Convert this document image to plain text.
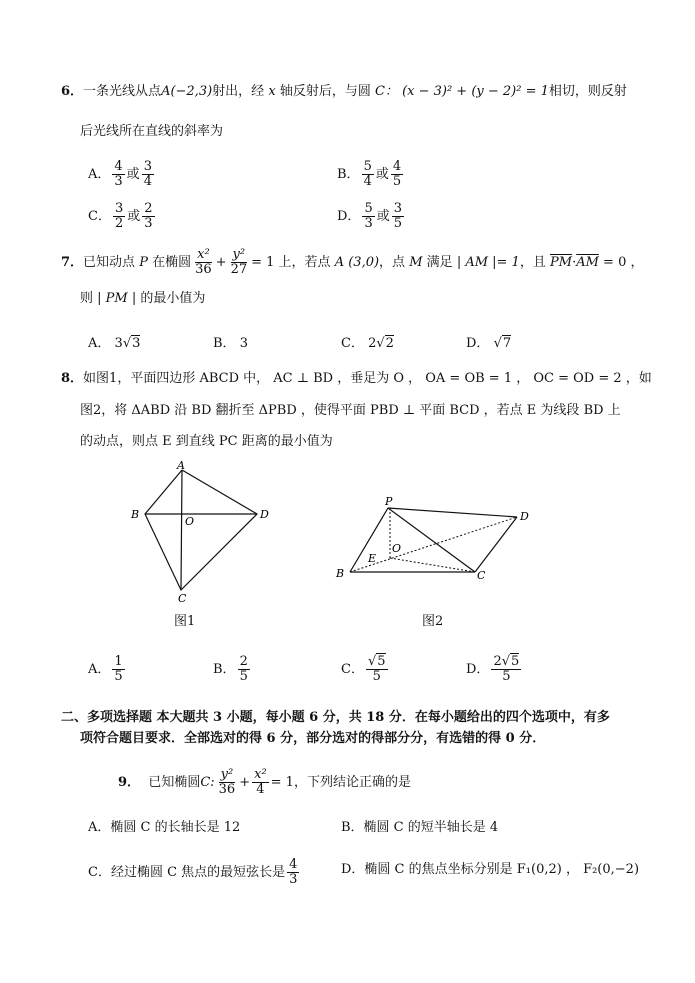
6．一条光线从点A(−2,3)射出，经 x 轴反射后，与圆 C： (x − 3)² + (y − 2)² = 1相切，则反射
后光线所在直线的斜率为
A． $\frac{4}{3}$ 或 $\frac{3}{4}$	B． $\frac{5}{4}$ 或 $\frac{4}{5}$
C． $\frac{3}{2}$ 或 $\frac{2}{3}$	D． $\frac{5}{3}$ 或 $\frac{3}{5}$
7．已知动点 P 在椭圆 $\frac{\text{x²}}{36} + \frac{\text{y²}}{27} = 1$ 上，若点 A (3,0)，点 M 满足 | AM |= 1，且 $\overline{PM}\cdot\overline{AM} = 0$ ，
则 | PM | 的最小值为
A． 3√3	B． 3	C． 2√2	D． √7
8．如图1，平面四边形 ABCD 中， AC ⊥ BD ，垂足为 O ， OA = OB = 1 ， OC = OD = 2 ，如
图2，将 ΔABD 沿 BD 翻折至 ΔPBD ，使得平面 PBD ⊥ 平面 BCD ，若点 E 为线段 BD 上
的动点，则点 E 到直线 PC 距离的最小值为
A
B
O
D
C
图1
P
B	C
D
O
E
图2
A． $\frac{1}{5}$	B． $\frac{2}{5}$	C． $\frac{√5}{5}$	D． $\frac{2√5}{5}$
二、多项选择题 本大题共 3 小题，每小题 6 分，共 18 分．在每小题给出的四个选项中，有多
项符合题目要求．全部选对的得 6 分，部分选对的得部分分，有选错的得 0 分．
9． 已知椭圆C: $\frac{\text{y²}}{36} + \frac{\text{x²}}{4} = 1$，下列结论正确的是
A．椭圆 C 的长轴长是 12	B．椭圆 C 的短半轴长是 4
C．经过椭圆 C 焦点的最短弦长是 $\frac{4}{3}$	D．椭圆 C 的焦点坐标分别是 F₁(0,2) ， F₂(0,−2)
